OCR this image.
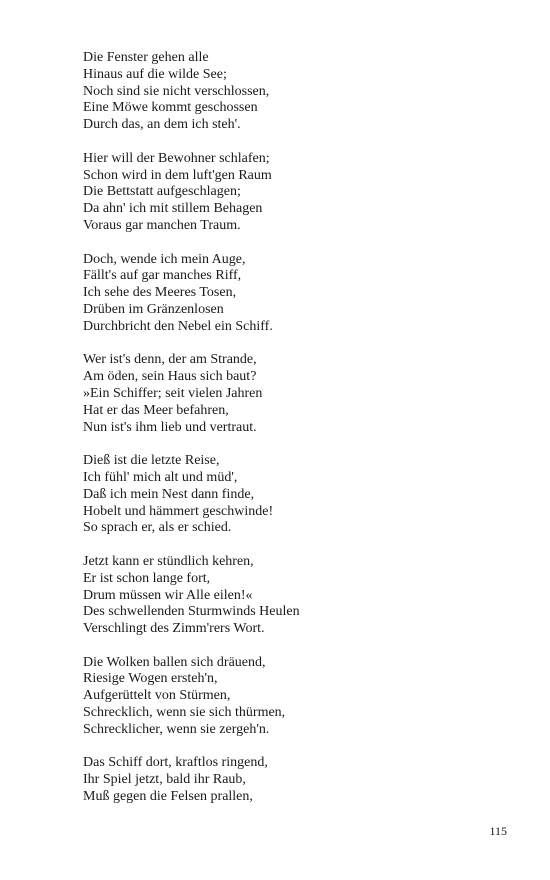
Die Fenster gehen alle
Hinaus auf die wilde See;
Noch sind sie nicht verschlossen,
Eine Möwe kommt geschossen
Durch das, an dem ich steh'.
Hier will der Bewohner schlafen;
Schon wird in dem luft'gen Raum
Die Bettstatt aufgeschlagen;
Da ahn' ich mit stillem Behagen
Voraus gar manchen Traum.
Doch, wende ich mein Auge,
Fällt's auf gar manches Riff,
Ich sehe des Meeres Tosen,
Drüben im Gränzenlosen
Durchbricht den Nebel ein Schiff.
Wer ist's denn, der am Strande,
Am öden, sein Haus sich baut?
»Ein Schiffer; seit vielen Jahren
Hat er das Meer befahren,
Nun ist's ihm lieb und vertraut.
Dieß ist die letzte Reise,
Ich fühl' mich alt und müd',
Daß ich mein Nest dann finde,
Hobelt und hämmert geschwinde!
So sprach er, als er schied.
Jetzt kann er stündlich kehren,
Er ist schon lange fort,
Drum müssen wir Alle eilen!«
Des schwellenden Sturmwinds Heulen
Verschlingt des Zimm'rers Wort.
Die Wolken ballen sich dräuend,
Riesige Wogen ersteh'n,
Aufgerüttelt von Stürmen,
Schrecklich, wenn sie sich thürmen,
Schrecklicher, wenn sie zergeh'n.
Das Schiff dort, kraftlos ringend,
Ihr Spiel jetzt, bald ihr Raub,
Muß gegen die Felsen prallen,
115
